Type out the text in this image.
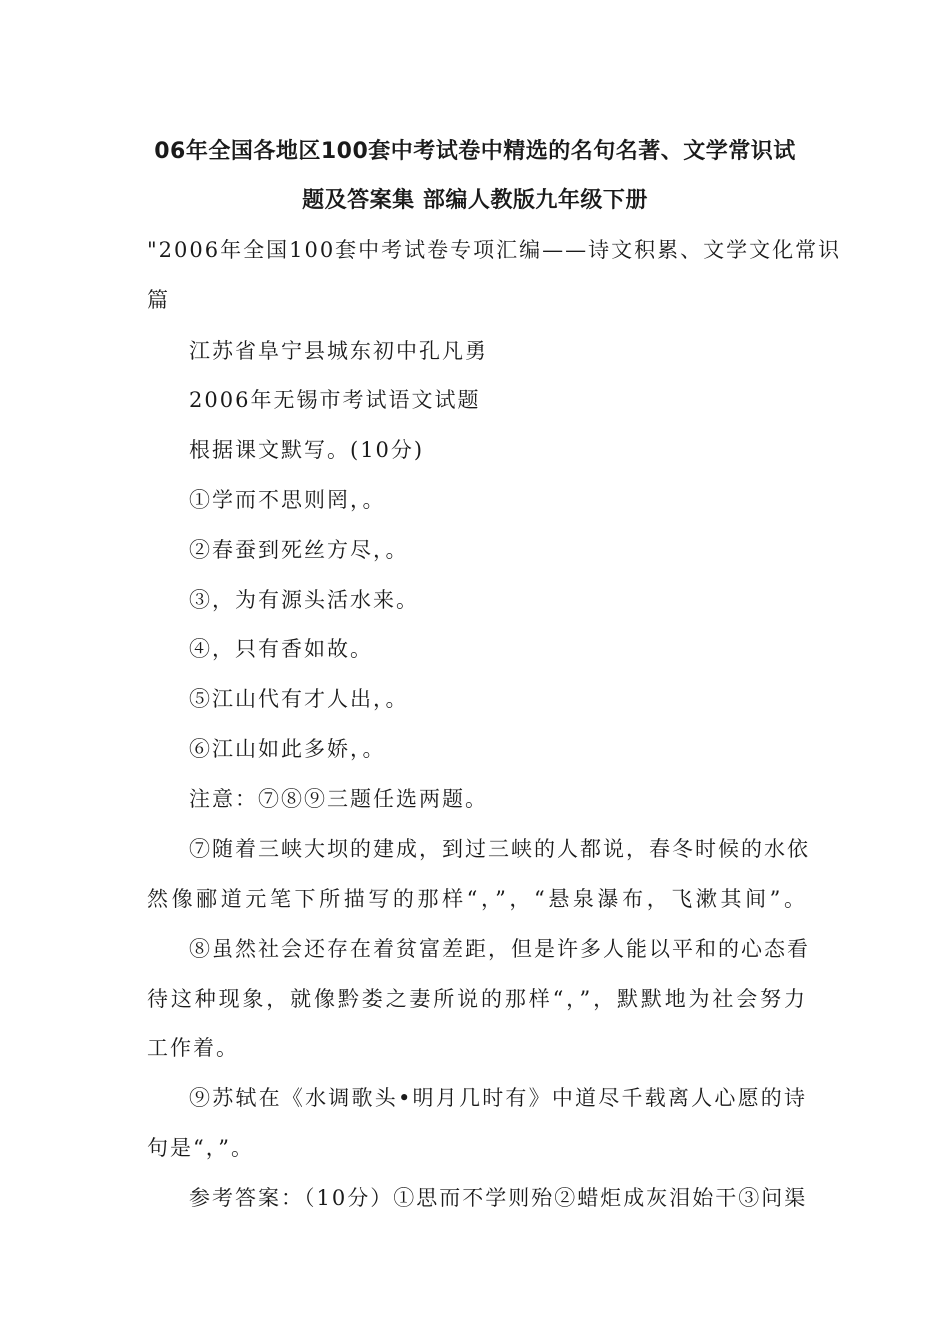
06年全国各地区100套中考试卷中精选的名句名著、文学常识试
题及答案集 部编人教版九年级下册
"2006年全国100套中考试卷专项汇编——诗文积累、文学文化常识
篇
江苏省阜宁县城东初中孔凡勇
2006年无锡市考试语文试题
根据课文默写。(10分)
①学而不思则罔，。
②春蚕到死丝方尽，。
③，为有源头活水来。
④，只有香如故。
⑤江山代有才人出，。
⑥江山如此多娇，。
注意：⑦⑧⑨三题任选两题。
⑦随着三峡大坝的建成，到过三峡的人都说，春冬时候的水依
然像郦道元笔下所描写的那样“，”，“悬泉瀑布，飞漱其间”。
⑧虽然社会还存在着贫富差距，但是许多人能以平和的心态看
待这种现象，就像黔娄之妻所说的那样“，”，默默地为社会努力
工作着。
⑨苏轼在《水调歌头•明月几时有》中道尽千载离人心愿的诗
句是“，”。
参考答案：（10分）①思而不学则殆②蜡炬成灰泪始干③问渠
